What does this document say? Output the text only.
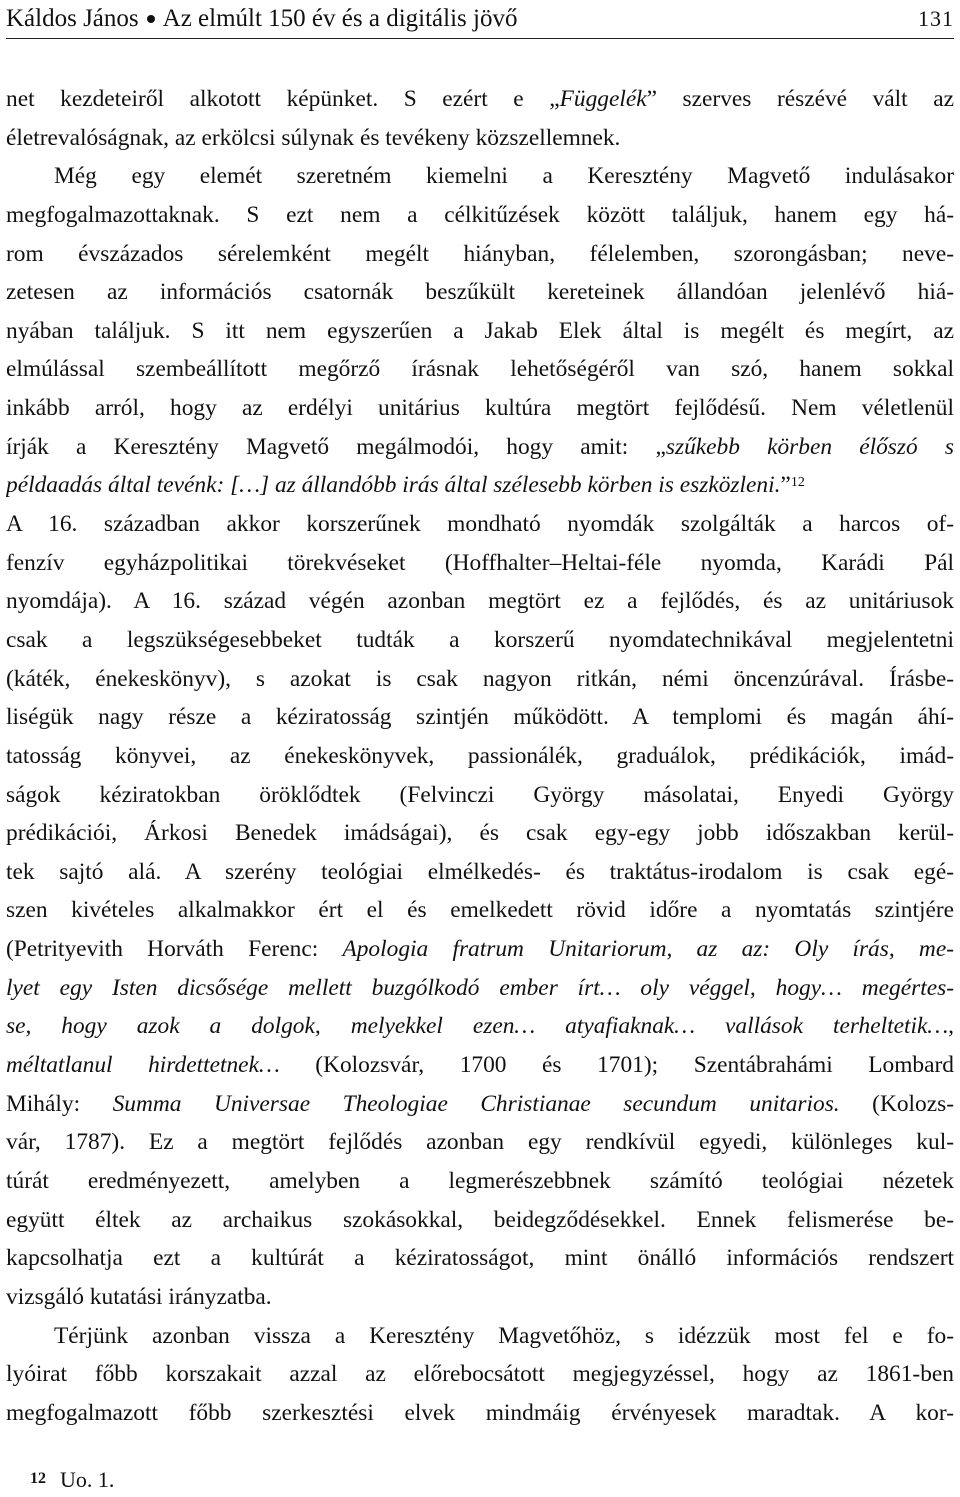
Káldos János Az elmúlt 150 év és a digitális jövő	131
net kezdeteiről alkotott képünket. S ezért e „Függelék” szerves részévé vált az
életrevalóságnak, az erkölcsi súlynak és tevékeny közszellemnek.
Még egy elemét szeretném kiemelni a Keresztény Magvető indulásakor
megfogalmazottaknak. S ezt nem a célkitűzések között találjuk, hanem egy há-
rom évszázados sérelemként megélt hiányban, félelemben, szorongásban; neve-
zetesen az információs csatornák beszűkült kereteinek állandóan jelenlévő hiá-
nyában találjuk. S itt nem egyszerűen a Jakab Elek által is megélt és megírt, az
elmúlással szembeállított megőrző írásnak lehetőségéről van szó, hanem sokkal
inkább arról, hogy az erdélyi unitárius kultúra megtört fejlődésű. Nem véletlenül
írják a Keresztény Magvető megálmodói, hogy amit: „szűkebb körben élőszó s
példaadás által tevénk: […] az állandóbb irás által szélesebb körben is eszközleni.”$^{12}$
A 16. században akkor korszerűnek mondható nyomdák szolgálták a harcos of-
fenzív egyházpolitikai törekvéseket (Hoffhalter–Heltai-féle nyomda, Karádi Pál
nyomdája). A 16. század végén azonban megtört ez a fejlődés, és az unitáriusok
csak a legszükségesebbeket tudták a korszerű nyomdatechnikával megjelentetni
(káték, énekeskönyv), s azokat is csak nagyon ritkán, némi öncenzúrával. Írásbe-
liségük nagy része a kéziratosság szintjén működött. A templomi és magán áhí-
tatosság könyvei, az énekeskönyvek, passionálék, graduálok, prédikációk, imád-
ságok kéziratokban öröklődtek (Felvinczi György másolatai, Enyedi György
prédikációi, Árkosi Benedek imádságai), és csak egy-egy jobb időszakban kerül-
tek sajtó alá. A szerény teológiai elmélkedés- és traktátus-irodalom is csak egé-
szen kivételes alkalmakkor ért el és emelkedett rövid időre a nyomtatás szintjére
(Petrityevith Horváth Ferenc: Apologia fratrum Unitariorum, az az: Oly írás, me-
lyet egy Isten dicsősége mellett buzgólkodó ember írt… oly véggel, hogy… megértes-
se, hogy azok a dolgok, melyekkel ezen… atyafiaknak… vallások terheltetik…,
méltatlanul hirdettetnek… (Kolozsvár, 1700 és 1701); Szentábrahámi Lombard
Mihály: Summa Universae Theologiae Christianae secundum unitarios. (Kolozs-
vár, 1787). Ez a megtört fejlődés azonban egy rendkívül egyedi, különleges kul-
túrát eredményezett, amelyben a legmerészebbnek számító teológiai nézetek
együtt éltek az archaikus szokásokkal, beidegződésekkel. Ennek felismerése be-
kapcsolhatja ezt a kultúrát a kéziratosságot, mint önálló információs rendszert
vizsgáló kutatási irányzatba.
Térjünk azonban vissza a Keresztény Magvetőhöz, s idézzük most fel e fo-
lyóirat főbb korszakait azzal az előrebocsátott megjegyzéssel, hogy az 1861-ben
megfogalmazott főbb szerkesztési elvek mindmáig érvényesek maradtak. A kor-
12 Uo. 1.
